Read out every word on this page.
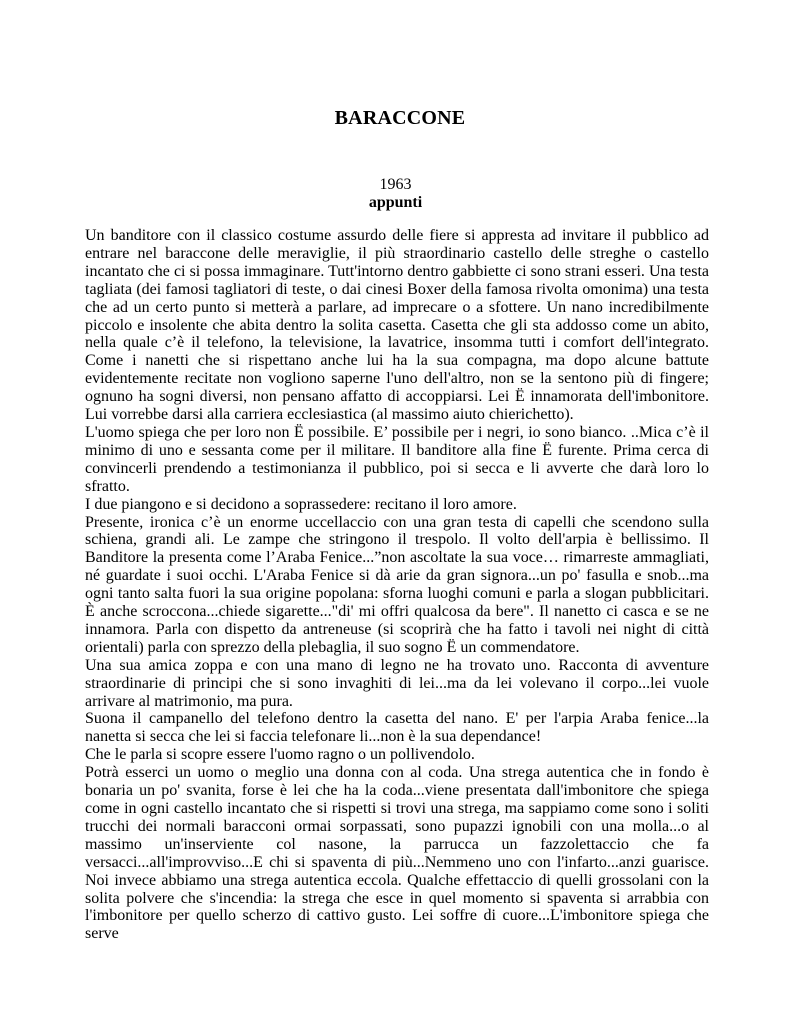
BARACCONE
1963
appunti

Un banditore con il classico costume assurdo delle fiere si appresta ad invitare il pubblico ad entrare nel baraccone delle meraviglie, il più straordinario castello delle streghe o castello incantato che ci si possa immaginare. Tutt'intorno dentro gabbiette ci sono strani esseri. Una testa tagliata (dei famosi tagliatori di teste, o dai cinesi Boxer della famosa rivolta omonima) una testa che ad un certo punto si metterà a parlare, ad imprecare o a sfottere. Un nano incredibilmente piccolo e insolente che abita dentro la solita casetta. Casetta che gli sta addosso come un abito, nella quale c’è il telefono, la televisione, la lavatrice, insomma tutti i comfort dell'integrato. Come i nanetti che si rispettano anche lui ha la sua compagna, ma dopo alcune battute evidentemente recitate non vogliono saperne l'uno dell'altro, non se la sentono più di fingere; ognuno ha sogni diversi, non pensano affatto di accoppiarsi. Lei Ë innamorata dell'imbonitore. Lui vorrebbe darsi alla carriera ecclesiastica (al massimo aiuto chierichetto).

L'uomo spiega che per loro non Ë possibile. E’ possibile per i negri, io sono bianco. ..Mica c’è il minimo di uno e sessanta come per il militare. Il banditore alla fine Ë furente. Prima cerca di convincerli prendendo a testimonianza il pubblico, poi si secca e li avverte che darà loro lo sfratto.

I due piangono e si decidono a soprassedere: recitano il loro amore.

Presente, ironica c’è un enorme uccellaccio con una gran testa di capelli che scendono sulla schiena, grandi ali. Le zampe che stringono il trespolo. Il volto dell'arpia è bellissimo. Il Banditore la presenta come l’Araba Fenice...”non ascoltate la sua voce… rimarreste ammagliati, né guardate i suoi occhi. L'Araba Fenice si dà arie da gran signora...un po' fasulla e snob...ma ogni tanto salta fuori la sua origine popolana: sforna luoghi comuni e parla a slogan pubblicitari. È anche scroccona...chiede sigarette..."di' mi offri qualcosa da bere". Il nanetto ci casca e se ne innamora. Parla con dispetto da antreneuse (si scoprirà che ha fatto i tavoli nei night di città orientali) parla con sprezzo della plebaglia, il suo sogno Ë un commendatore.

Una sua amica zoppa e con una mano di legno ne ha trovato uno. Racconta di avventure straordinarie di principi che si sono invaghiti di lei...ma da lei volevano il corpo...lei vuole arrivare al matrimonio, ma pura.

Suona il campanello del telefono dentro la casetta del nano. E' per l'arpia Araba fenice...la nanetta si secca che lei si faccia telefonare li...non è la sua dependance!

Che le parla si scopre essere l'uomo ragno o un pollivendolo.

Potrà esserci un uomo o meglio una donna con al coda. Una strega autentica che in fondo è bonaria un po' svanita, forse è lei che ha la coda...viene presentata dall'imbonitore che spiega come in ogni castello incantato che si rispetti si trovi una strega, ma sappiamo come sono i soliti trucchi dei normali baracconi ormai sorpassati, sono pupazzi ignobili con una molla...o al massimo un'inserviente col nasone, la parrucca un fazzolettaccio che fa versacci...all'improvviso...E chi si spaventa di più...Nemmeno uno con l'infarto...anzi guarisce. Noi invece abbiamo una strega autentica eccola. Qualche effettaccio di quelli grossolani con la solita polvere che s'incendia: la strega che esce in quel momento si spaventa si arrabbia con l'imbonitore per quello scherzo di cattivo gusto. Lei soffre di cuore...L'imbonitore spiega che serve
